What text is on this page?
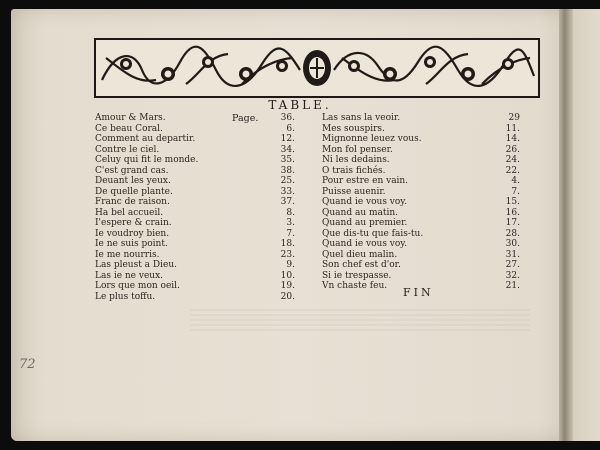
TABLE.
Page.
Amour & Mars.	36.
Ce beau Coral.	6.
Comment au departir.	12.
Contre le ciel.	34.
Celuy qui fit le monde.	35.
C'est grand cas.	38.
Deuant les yeux.	25.
De quelle plante.	33.
Franc de raison.	37.
Ha bel accueil.	8.
I'espere & crain.	3.
Ie voudroy bien.	7.
Ie ne suis point.	18.
Ie me nourris.	23.
Las pleust a Dieu.	9.
Las ie ne veux.	10.
Lors que mon oeil.	19.
Le plus toffu.	20.
Las sans la veoir.	29
Mes souspirs.	11.
Mignonne leuez vous.	14.
Mon fol penser.	26.
Ni les dedains.	24.
O trais fichés.	22.
Pour estre en vain.	4.
Puisse auenir.	7.
Quand ie vous voy.	15.
Quand au matin.	16.
Quand au premier.	17.
Que dis-tu que fais-tu.	28.
Quand ie vous voy.	30.
Quel dieu malin.	31.
Son chef est d'or.	27.
Si ie trespasse.	32.
Vn chaste feu.	21.
FIN
72
